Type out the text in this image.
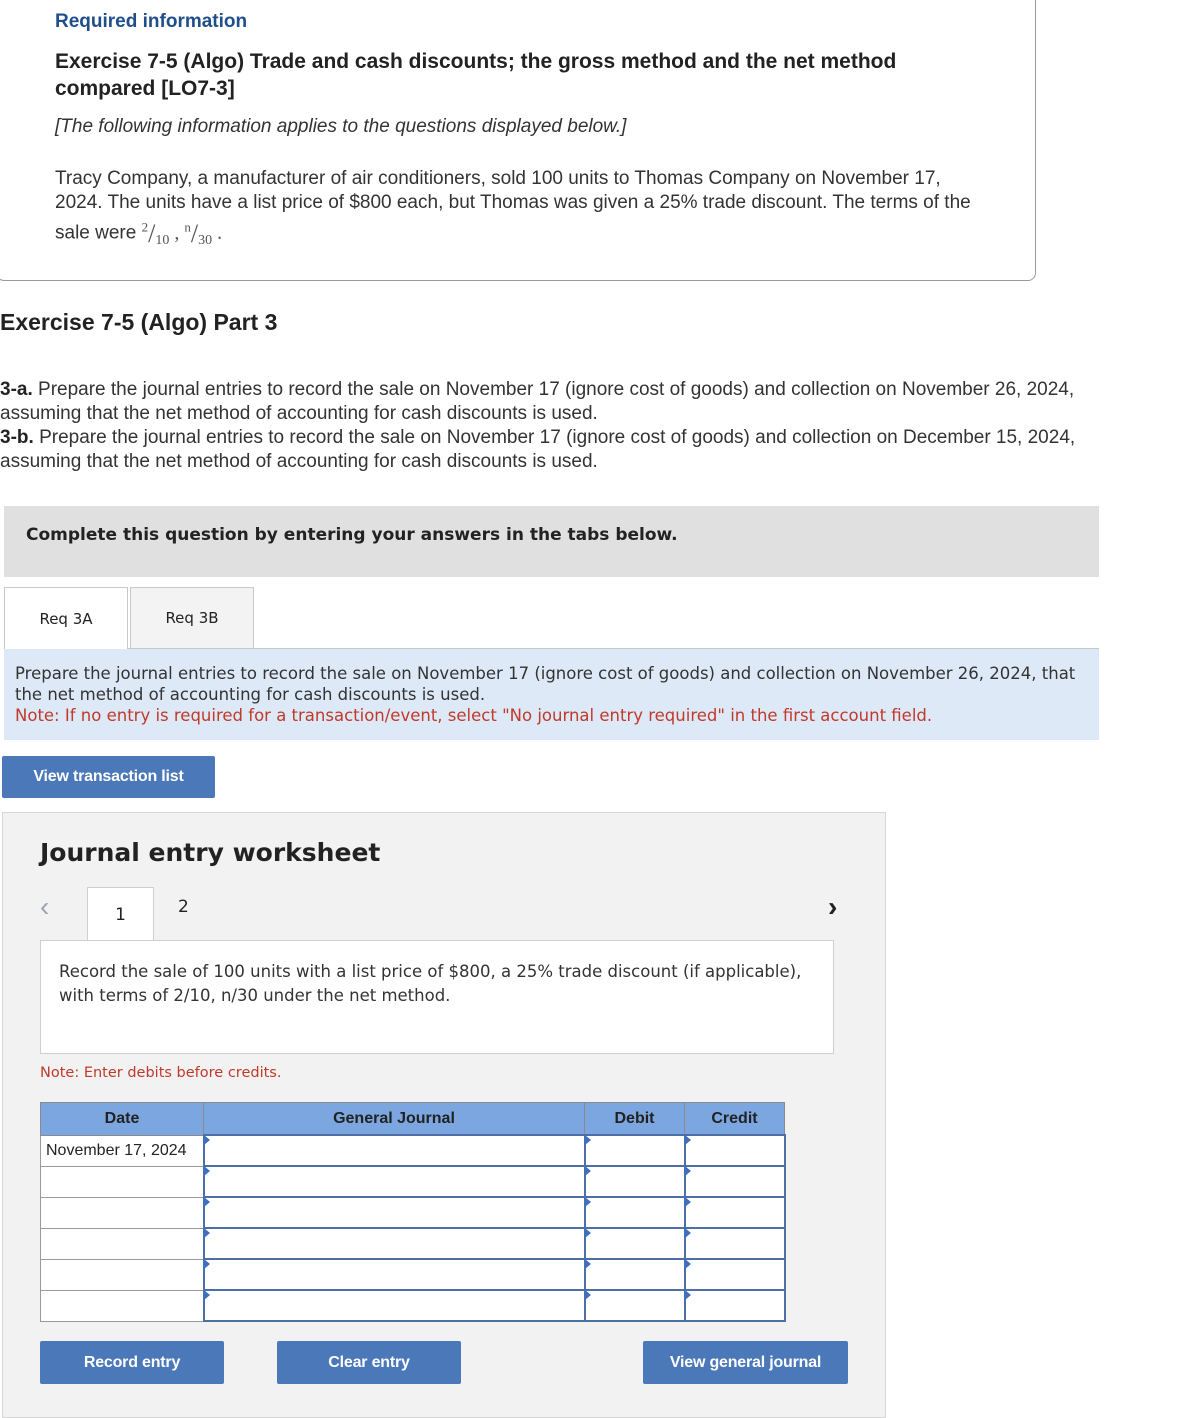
Required information
Exercise 7-5 (Algo) Trade and cash discounts; the gross method and the net method compared [LO7-3]
[The following information applies to the questions displayed below.]
Tracy Company, a manufacturer of air conditioners, sold 100 units to Thomas Company on November 17, 2024. The units have a list price of $800 each, but Thomas was given a 25% trade discount. The terms of the sale were $^2/_{10}$ , $^n/_{30}$ .
Exercise 7-5 (Algo) Part 3
3-a. Prepare the journal entries to record the sale on November 17 (ignore cost of goods) and collection on November 26, 2024, assuming that the net method of accounting for cash discounts is used.
3-b. Prepare the journal entries to record the sale on November 17 (ignore cost of goods) and collection on December 15, 2024, assuming that the net method of accounting for cash discounts is used.
Complete this question by entering your answers in the tabs below.
Req 3A	Req 3B
Prepare the journal entries to record the sale on November 17 (ignore cost of goods) and collection on November 26, 2024, that the net method of accounting for cash discounts is used.
Note: If no entry is required for a transaction/event, select "No journal entry required" in the first account field.
View transaction list
Journal entry worksheet
‹	1	2	›
Record the sale of 100 units with a list price of $800, a 25% trade discount (if applicable), with terms of 2/10, n/30 under the net method.
Note: Enter debits before credits.
Date	General Journal	Debit	Credit
November 17, 2024			

Record entry	Clear entry	View general journal
